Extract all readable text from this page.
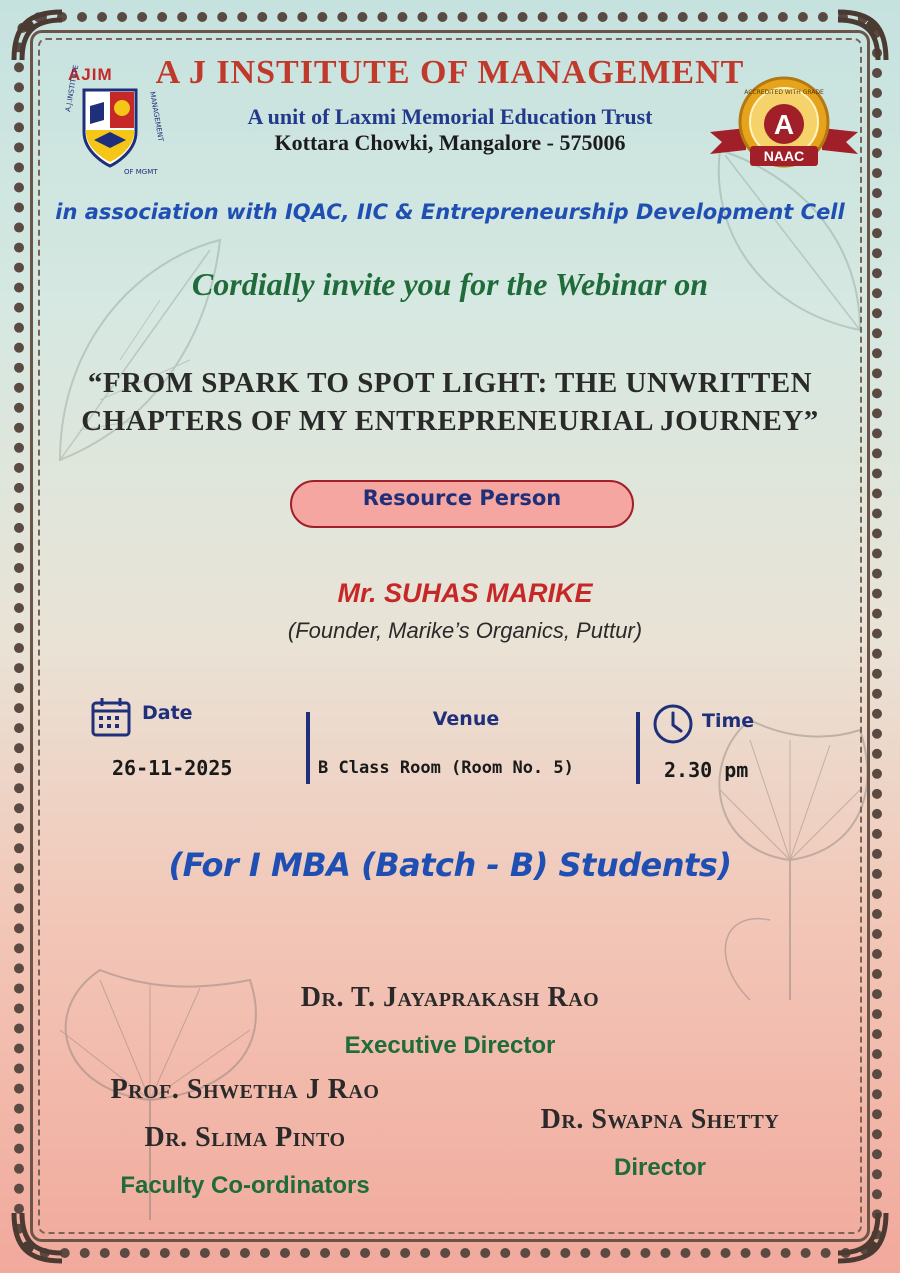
AJIM
A.J.INSTITUTE
OF MGMT
MANAGEMENT
A J INSTITUTE OF MANAGEMENT
A unit of Laxmi Memorial Education Trust
Kottara Chowki, Mangalore - 575006
ACCREDITED WITH GRADE
A
NAAC
in association with IQAC, IIC & Entrepreneurship Development Cell
Cordially invite you for the Webinar on
“FROM SPARK TO SPOT LIGHT: THE UNWRITTEN
CHAPTERS OF MY ENTREPRENEURIAL JOURNEY”
Resource Person
Mr. SUHAS MARIKE
(Founder, Marike’s Organics, Puttur)
Date
26-11-2025
Venue
B Class Room (Room No. 5)
Time
2.30 pm
(For I MBA (Batch - B) Students)
Dr. T. Jayaprakash Rao
Executive Director
Prof. Shwetha J Rao
Dr. Slima Pinto
Faculty Co-ordinators
Dr. Swapna Shetty
Director
